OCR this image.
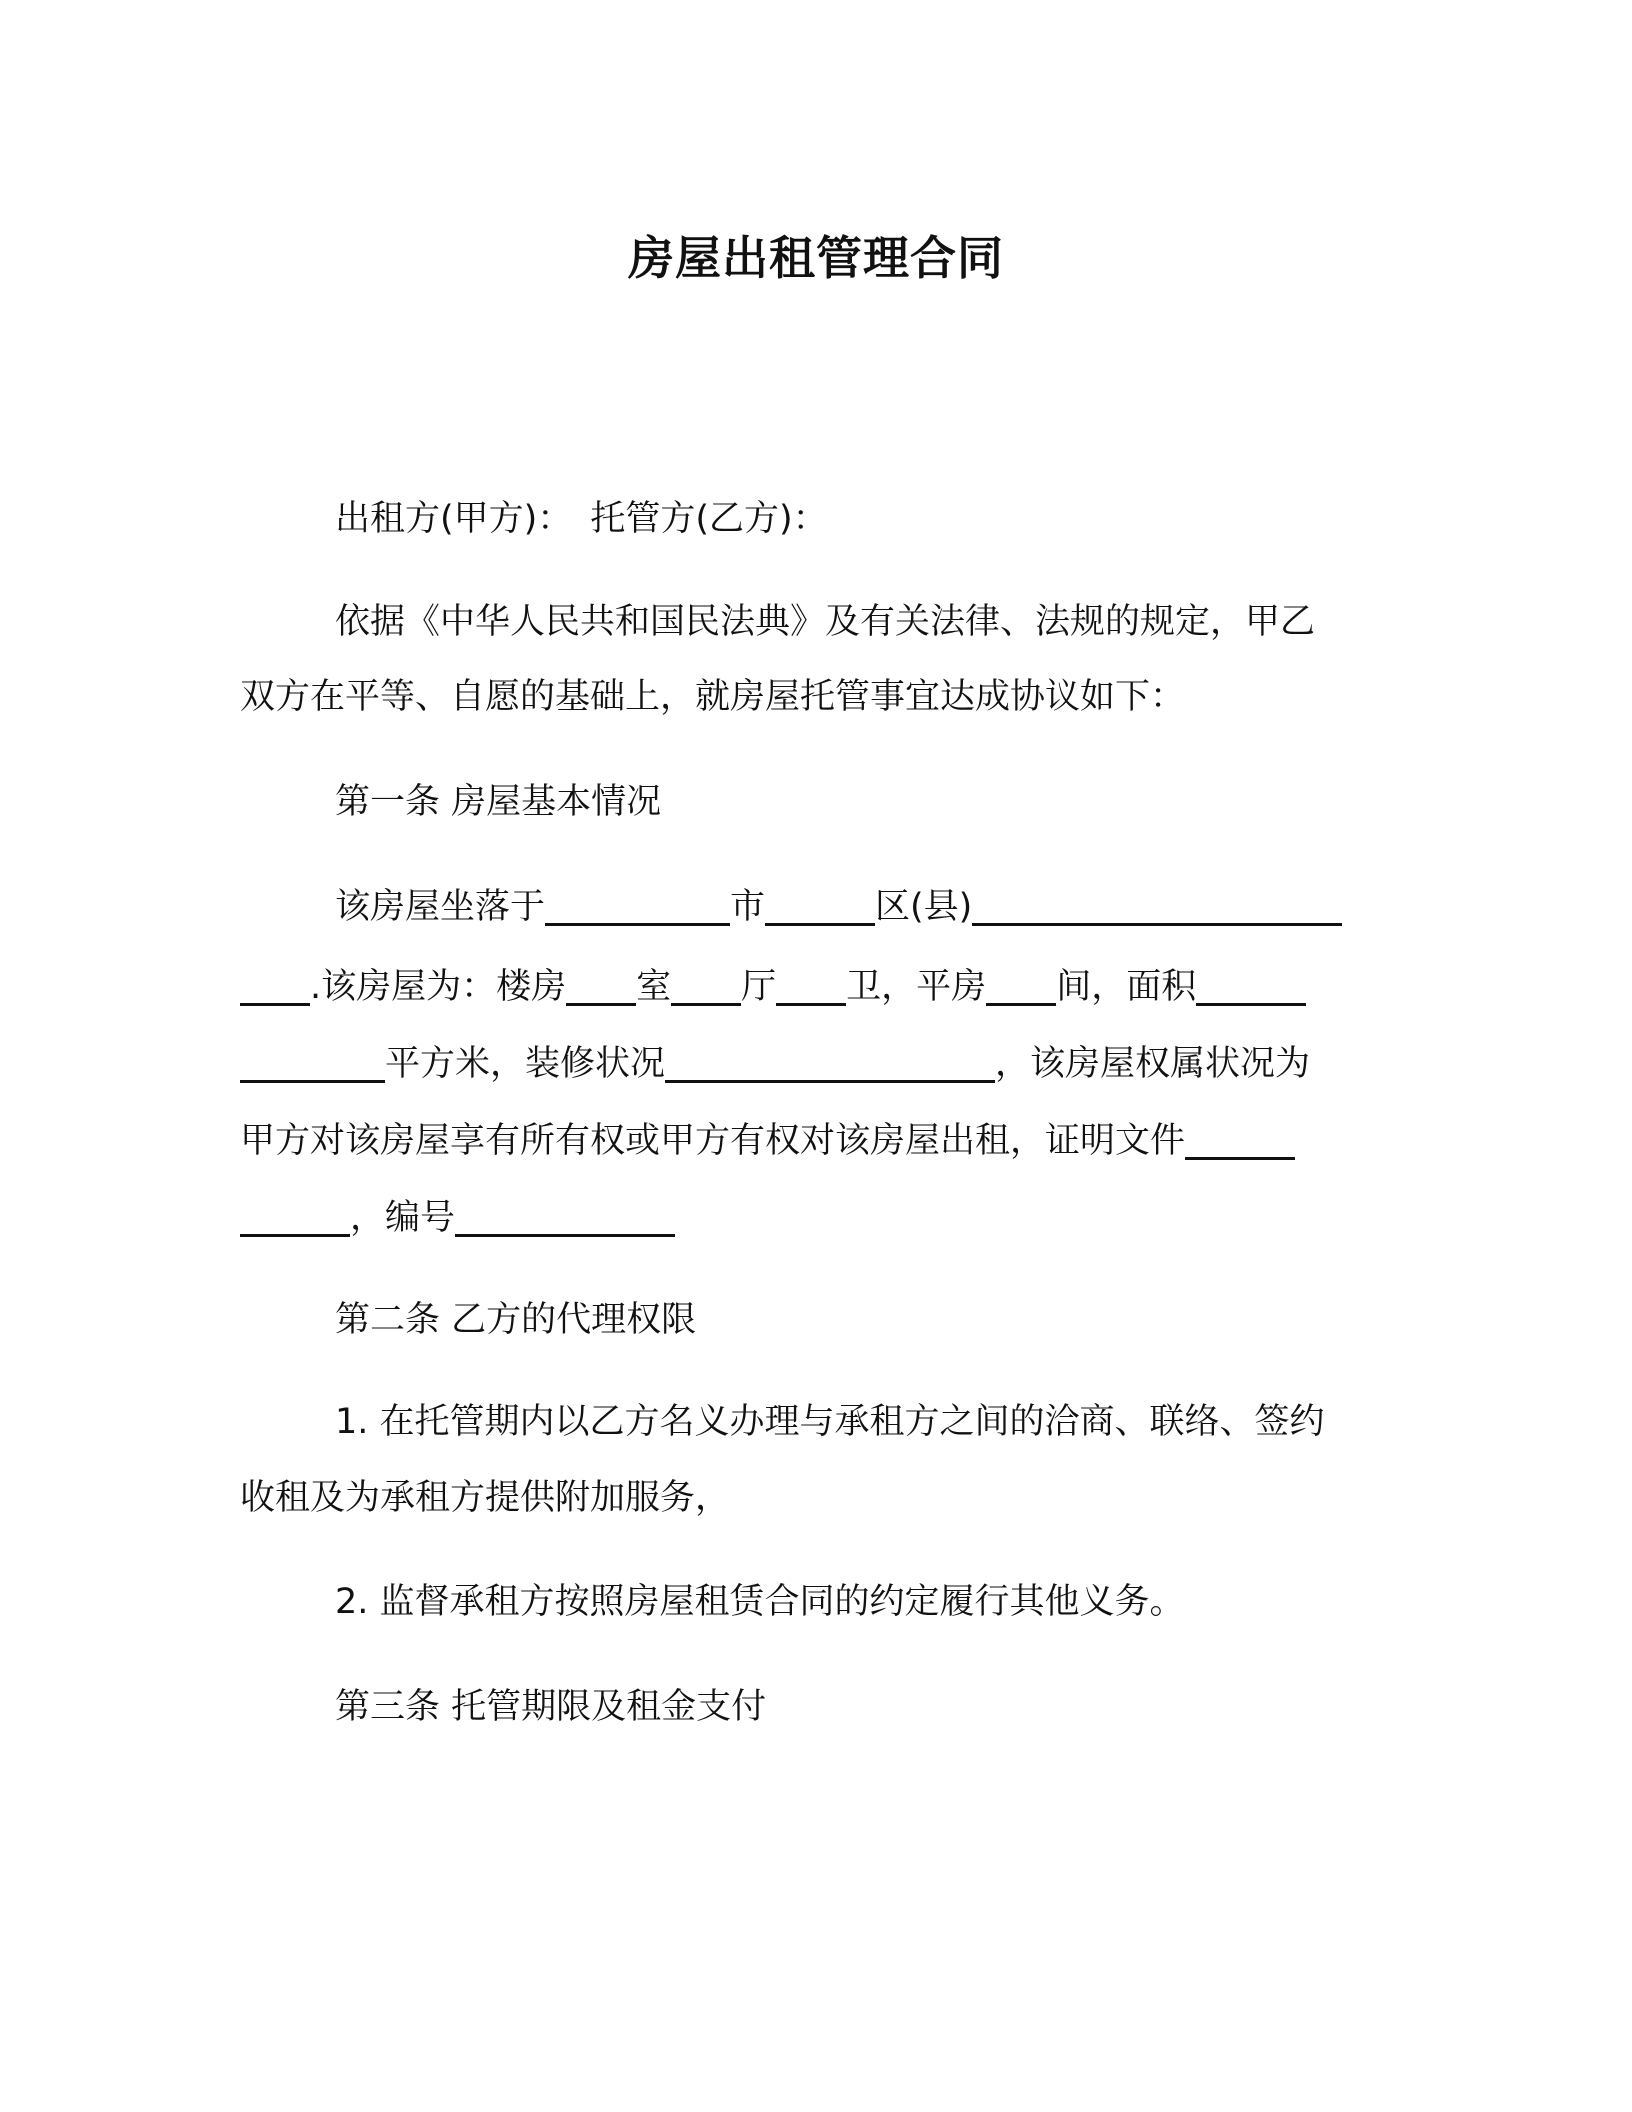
房屋出租管理合同
出租方(甲方)： 托管方(乙方)：
依据《中华人民共和国民法典》及有关法律、法规的规定，甲乙
双方在平等、自愿的基础上，就房屋托管事宜达成协议如下：
第一条 房屋基本情况
该房屋坐落于	市	区(县)
.该房屋为：楼房 室 厅 卫，平房 间，面积
平方米，装修状况	，该房屋权属状况为
甲方对该房屋享有所有权或甲方有权对该房屋出租，证明文件
，编号
第二条 乙方的代理权限
1. 在托管期内以乙方名义办理与承租方之间的洽商、联络、签约
收租及为承租方提供附加服务，
2. 监督承租方按照房屋租赁合同的约定履行其他义务。
第三条 托管期限及租金支付
